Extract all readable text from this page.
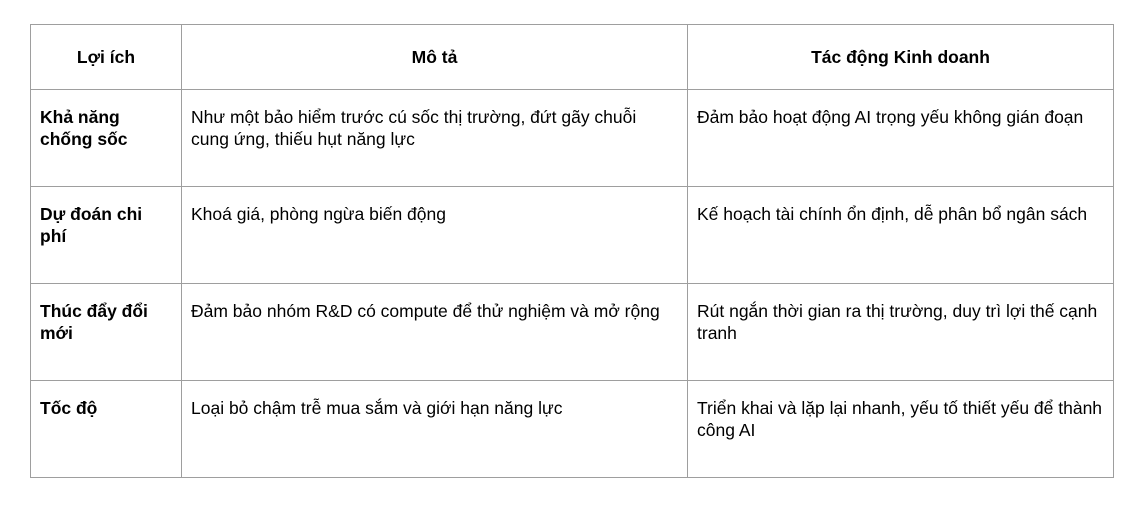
Lợi ích	Mô tả	Tác động Kinh doanh
Khả năng chống sốc	Như một bảo hiểm trước cú sốc thị trường, đứt gãy chuỗi cung ứng, thiếu hụt năng lực	Đảm bảo hoạt động AI trọng yếu không gián đoạn
Dự đoán chi phí	Khoá giá, phòng ngừa biến động	Kế hoạch tài chính ổn định, dễ phân bổ ngân sách
Thúc đẩy đổi mới	Đảm bảo nhóm R&D có compute để thử nghiệm và mở rộng	Rút ngắn thời gian ra thị trường, duy trì lợi thế cạnh tranh
Tốc độ	Loại bỏ chậm trễ mua sắm và giới hạn năng lực	Triển khai và lặp lại nhanh, yếu tố thiết yếu để thành công AI
